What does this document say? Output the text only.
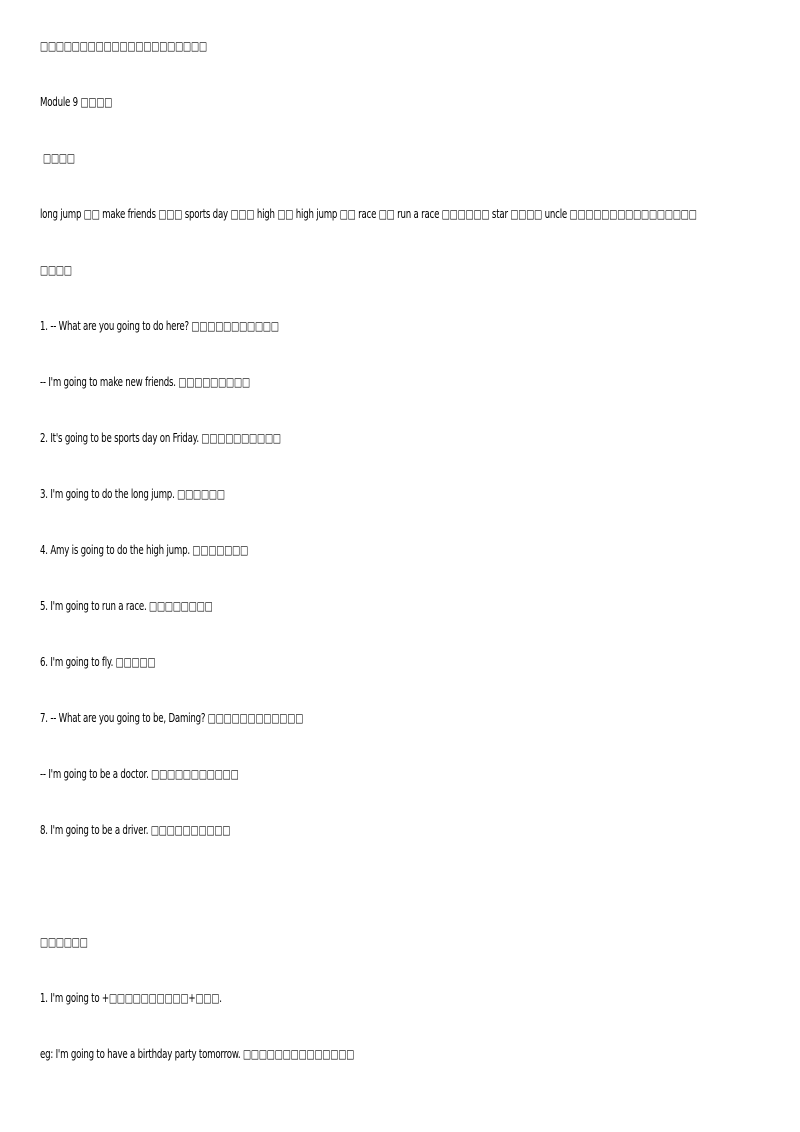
□□□□□□□□□□□□□□□□□□□□□
Module 9 □□□□
□□□□
long jump □□ make friends □□□ sports day □□□ high □□ high jump □□ race □□ run a race □□□□□□ star □□□□ uncle □□□□□□□□□□□□□□□□
□□□□
1. -- What are you going to do here? □□□□□□□□□□□
-- I'm going to make new friends. □□□□□□□□□
2. It's going to be sports day on Friday. □□□□□□□□□□
3. I'm going to do the long jump. □□□□□□
4. Amy is going to do the high jump. □□□□□□□
5. I'm going to run a race. □□□□□□□□
6. I'm going to fly. □□□□□
7. -- What are you going to be, Daming? □□□□□□□□□□□□
-- I'm going to be a doctor. □□□□□□□□□□□
8. I'm going to be a driver. □□□□□□□□□□
□□□□□□
1. I'm going to +□□□□□□□□□□+□□□.
eg: I'm going to have a birthday party tomorrow. □□□□□□□□□□□□□□
